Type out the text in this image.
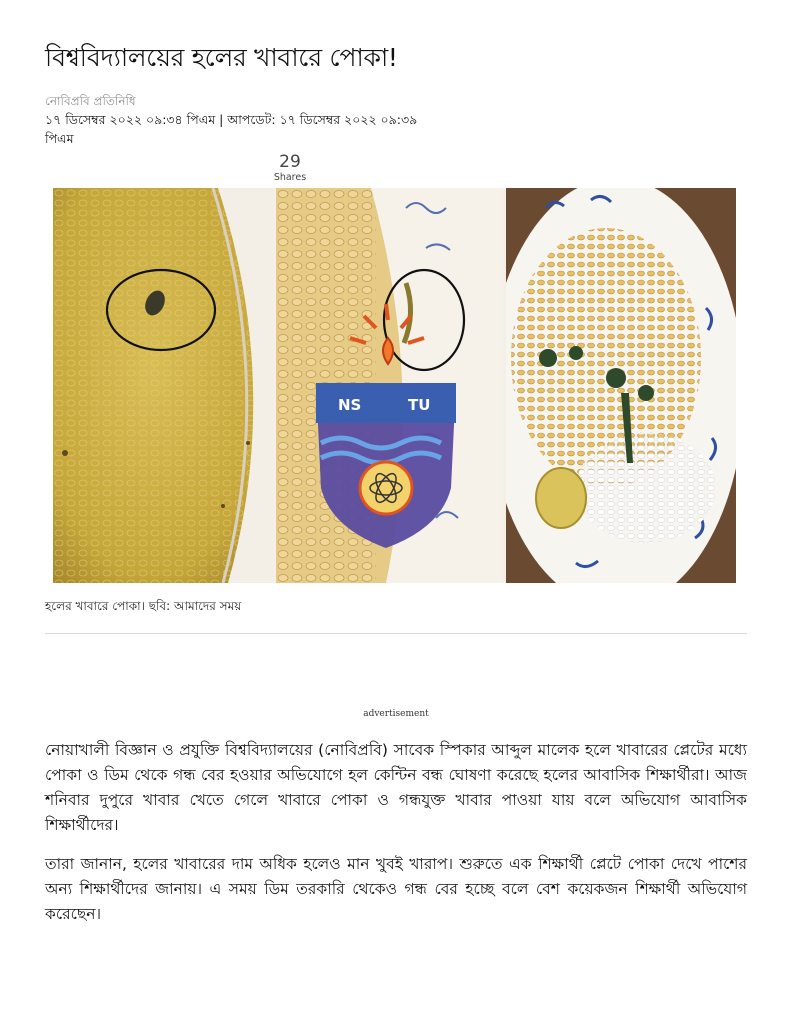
বিশ্ববিদ্যালয়ের হলের খাবারে পোকা!
নোবিপ্রবি প্রতিনিধি
১৭ ডিসেম্বর ২০২২ ০৯:৩৪ পিএম | আপডেট: ১৭ ডিসেম্বর ২০২২ ০৯:৩৯ পিএম
29
Shares
NS	TU
হলের খাবারে পোকা। ছবি: আমাদের সময়
advertisement

নোয়াখালী বিজ্ঞান ও প্রযুক্তি বিশ্ববিদ্যালয়ের (নোবিপ্রবি) সাবেক স্পিকার আব্দুল মালেক হলে খাবারের প্লেটের মধ্যে পোকা ও ডিম থেকে গন্ধ বের হওয়ার অভিযোগে হল কেন্টিন বন্ধ ঘোষণা করেছে হলের আবাসিক শিক্ষার্থীরা। আজ শনিবার দুপুরে খাবার খেতে গেলে খাবারে পোকা ও গন্ধযুক্ত খাবার পাওয়া যায় বলে অভিযোগ আবাসিক শিক্ষার্থীদের।

তারা জানান, হলের খাবারের দাম অধিক হলেও মান খুবই খারাপ। শুরুতে এক শিক্ষার্থী প্লেটে পোকা দেখে পাশের অন্য শিক্ষার্থীদের জানায়। এ সময় ডিম তরকারি থেকেও গন্ধ বের হচ্ছে বলে বেশ কয়েকজন শিক্ষার্থী অভিযোগ করেছেন।
